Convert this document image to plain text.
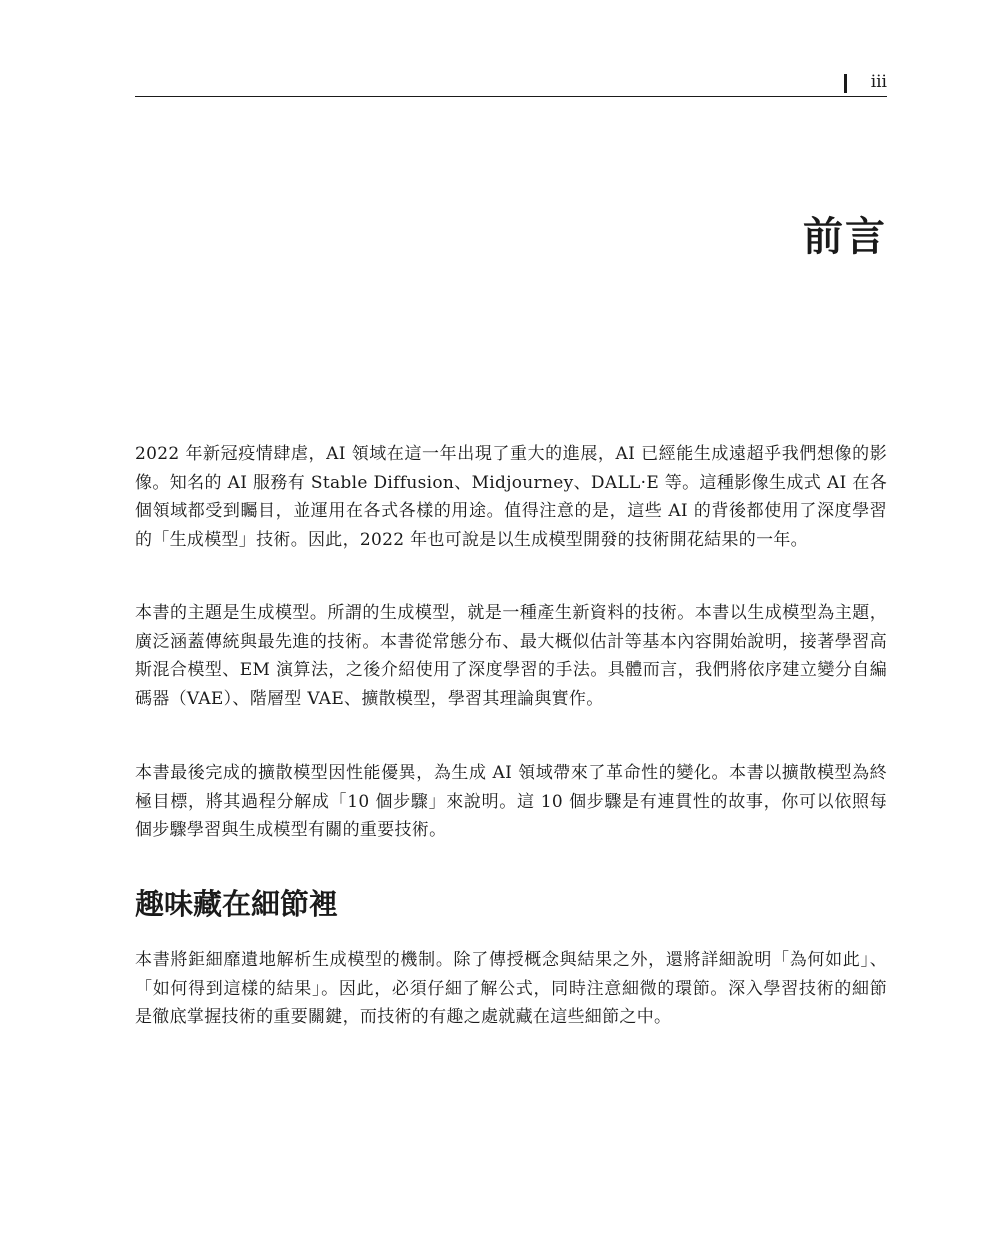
iii
前言

2022 年新冠疫情肆虐，AI 領域在這一年出現了重大的進展，AI 已經能生成遠超乎我們想像的影像。知名的 AI 服務有 Stable Diffusion、Midjourney、DALL·E 等。這種影像生成式 AI 在各個領域都受到矚目，並運用在各式各樣的用途。值得注意的是，這些 AI 的背後都使用了深度學習的「生成模型」技術。因此，2022 年也可說是以生成模型開發的技術開花結果的一年。

本書的主題是生成模型。所謂的生成模型，就是一種產生新資料的技術。本書以生成模型為主題，廣泛涵蓋傳統與最先進的技術。本書從常態分布、最大概似估計等基本內容開始說明，接著學習高斯混合模型、EM 演算法，之後介紹使用了深度學習的手法。具體而言，我們將依序建立變分自編碼器（VAE）、階層型 VAE、擴散模型，學習其理論與實作。

本書最後完成的擴散模型因性能優異，為生成 AI 領域帶來了革命性的變化。本書以擴散模型為終極目標，將其過程分解成「10 個步驟」來說明。這 10 個步驟是有連貫性的故事，你可以依照每個步驟學習與生成模型有關的重要技術。

趣味藏在細節裡

本書將鉅細靡遺地解析生成模型的機制。除了傳授概念與結果之外，還將詳細說明「為何如此」、「如何得到這樣的結果」。因此，必須仔細了解公式，同時注意細微的環節。深入學習技術的細節是徹底掌握技術的重要關鍵，而技術的有趣之處就藏在這些細節之中。
